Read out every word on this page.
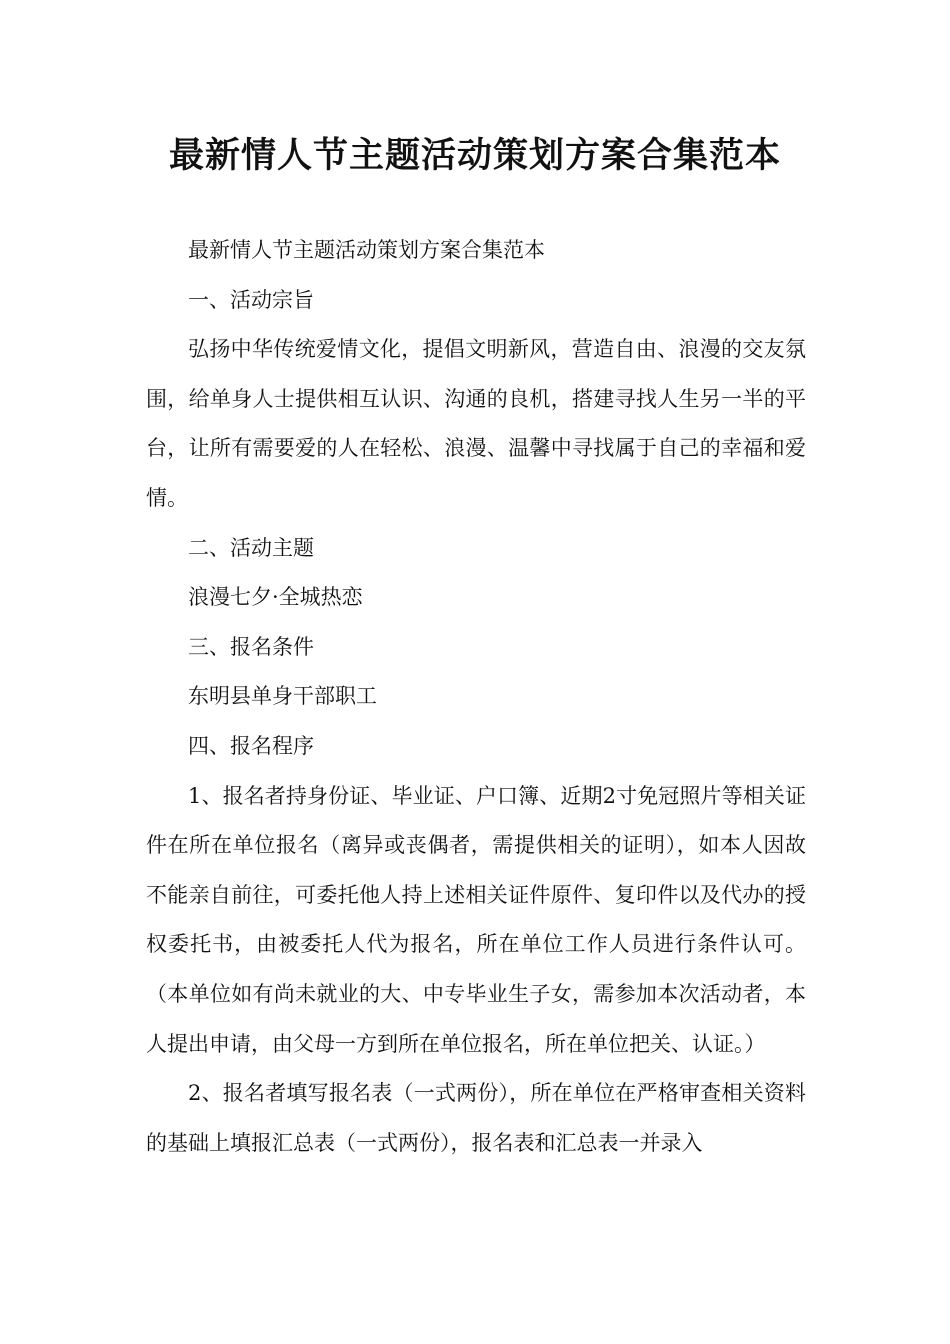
最新情人节主题活动策划方案合集范本

最新情人节主题活动策划方案合集范本

一、活动宗旨

弘扬中华传统爱情文化，提倡文明新风，营造自由、浪漫的交友氛围，给单身人士提供相互认识、沟通的良机，搭建寻找人生另一半的平台，让所有需要爱的人在轻松、浪漫、温馨中寻找属于自己的幸福和爱情。

二、活动主题

浪漫七夕·全城热恋

三、报名条件

东明县单身干部职工

四、报名程序

1、报名者持身份证、毕业证、户口簿、近期2寸免冠照片等相关证件在所在单位报名（离异或丧偶者，需提供相关的证明），如本人因故不能亲自前往，可委托他人持上述相关证件原件、复印件以及代办的授权委托书，由被委托人代为报名，所在单位工作人员进行条件认可。（本单位如有尚未就业的大、中专毕业生子女，需参加本次活动者，本人提出申请，由父母一方到所在单位报名，所在单位把关、认证。）

2、报名者填写报名表（一式两份），所在单位在严格审查相关资料的基础上填报汇总表（一式两份），报名表和汇总表一并录入
